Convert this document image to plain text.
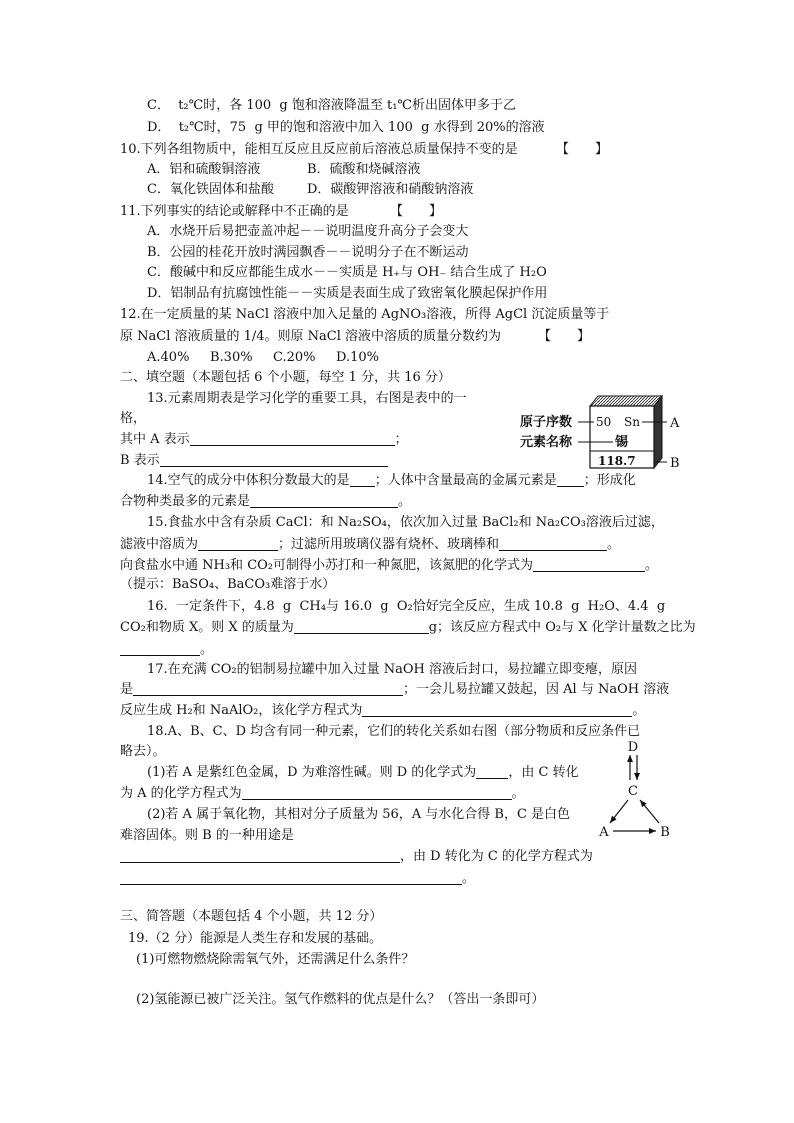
C．  t₂℃时，各 100  g 饱和溶液降温至 t₁℃析出固体甲多于乙
D．  t₂℃时，75  g 甲的饱和溶液中加入 100  g 水得到 20%的溶液
10.下列各组物质中，能相互反应且反应前后溶液总质量保持不变的是	【　　】
A．铝和硫酸铜溶液	B．硫酸和烧碱溶液
C．氧化铁固体和盐酸	D．碳酸钾溶液和硝酸钠溶液
11.下列事实的结论或解释中不正确的是	【　　】
A．水烧开后易把壶盖冲起－－说明温度升高分子会变大
B．公园的桂花开放时满园飘香－－说明分子在不断运动
C．酸碱中和反应都能生成水－－实质是 H₊与 OH₋ 结合生成了 H₂O
D．铝制品有抗腐蚀性能－－实质是表面生成了致密氧化膜起保护作用
12.在一定质量的某 NaCl 溶液中加入足量的 AgNO₃溶液，所得 AgCl 沉淀质量等于
原 NaCl 溶液质量的 1/4。则原 NaCl 溶液中溶质的质量分数约为	【　　】
A.40% B.30% C.20% D.10%
二、填空题（本题包括 6 个小题，每空 1 分，共 16 分）
13.元素周期表是学习化学的重要工具，右图是表中的一
格，
其中 A 表示	；
B 表示
原子序数
元素名称
50 Sn
锡
118.7
A
B
14.空气的成分中体积分数最大的是 ；人体中含量最高的金属元素是 ；形成化
合物种类最多的元素是	。
15.食盐水中含有杂质 CaCl：和 Na₂SO₄，依次加入过量 BaCl₂和 Na₂CO₃溶液后过滤，
滤液中溶质为	；过滤所用玻璃仪器有烧杯、玻璃棒和	。
向食盐水中通 NH₃和 CO₂可制得小苏打和一种氮肥，该氮肥的化学式为	。
（提示：BaSO₄、BaCO₃难溶于水）
16.  一定条件下，4.8  g  CH₄与 16.0  g  O₂恰好完全反应，生成 10.8  g  H₂O、4.4  g
CO₂和物质 X。则 X 的质量为	g；该反应方程式中 O₂与 X 化学计量数之比为
。
17.在充满 CO₂的铝制易拉罐中加入过量 NaOH 溶液后封口，易拉罐立即变瘪，原因
是	；一会儿易拉罐又鼓起，因 Al 与 NaOH 溶液
反应生成 H₂和 NaAlO₂，该化学方程式为	。
18.A、B、C、D 均含有同一种元素，它们的转化关系如右图（部分物质和反应条件已
略去）。
(1)若 A 是紫红色金属，D 为难溶性碱。则 D 的化学式为 ，由 C 转化
为 A 的化学方程式为	。
(2)若 A 属于氧化物，其相对分子质量为 56，A 与水化合得 B，C 是白色
难溶固体。则 B 的一种用途是
，由 D 转化为 C 的化学方程式为
。
D
C
A	B
三、简答题（本题包括 4 个小题，共 12 分）
19.（2 分）能源是人类生存和发展的基础。
(1)可燃物燃烧除需氧气外，还需满足什么条件？
(2)氢能源已被广泛关注。氢气作燃料的优点是什么？（答出一条即可）
